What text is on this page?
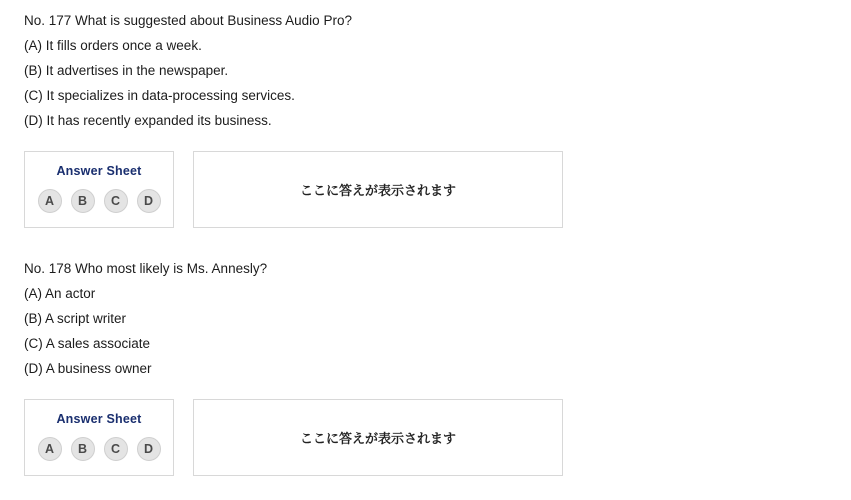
No. 177 What is suggested about Business Audio Pro?
(A) It fills orders once a week.
(B) It advertises in the newspaper.
(C) It specializes in data-processing services.
(D) It has recently expanded its business.
Answer Sheet
A	B	C	D
ここに答えが表示されます
No. 178 Who most likely is Ms. Annesly?
(A) An actor
(B) A script writer
(C) A sales associate
(D) A business owner
Answer Sheet
A	B	C	D
ここに答えが表示されます
